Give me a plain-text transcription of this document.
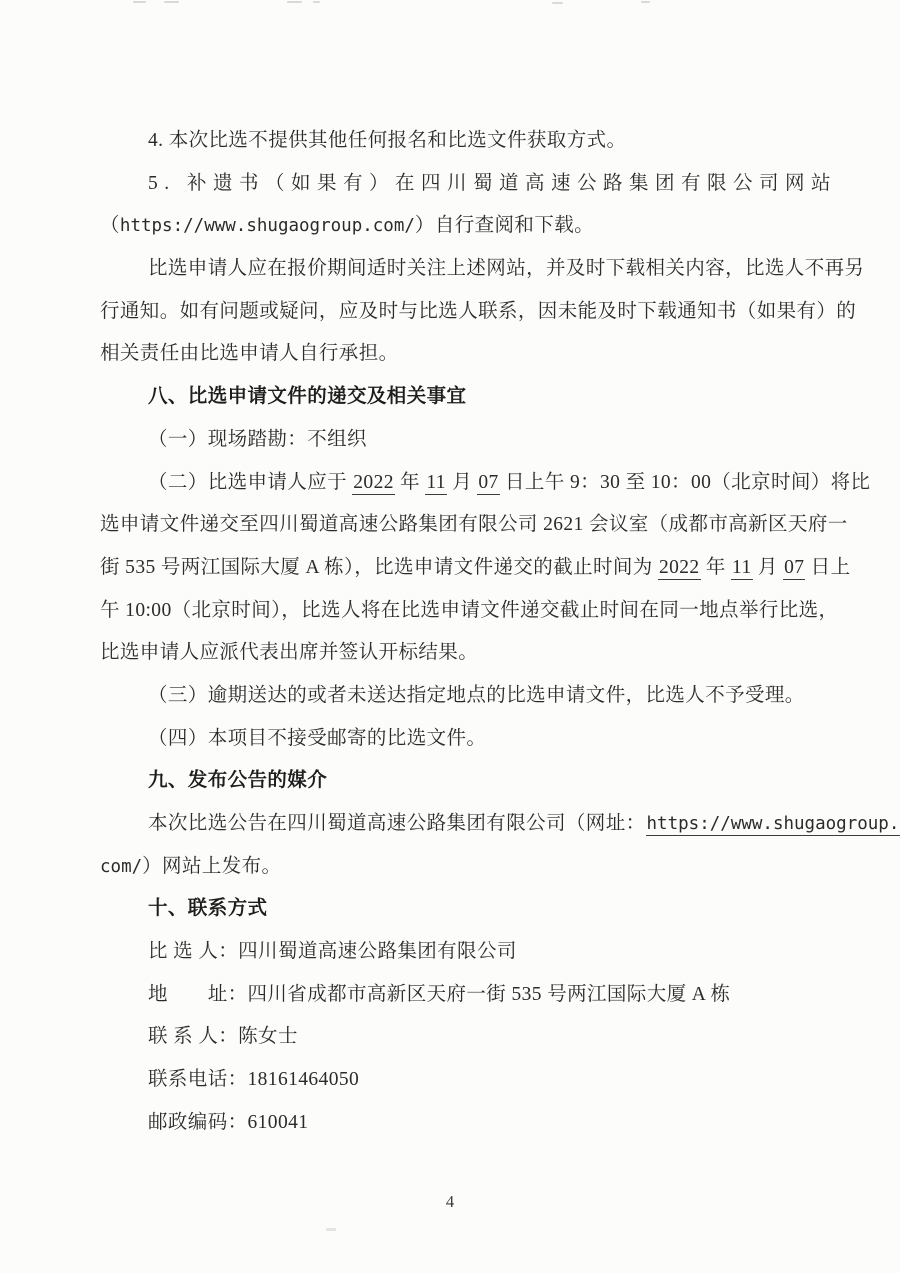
4. 本次比选不提供其他任何报名和比选文件获取方式。
5. 补遗书（如果有）在四川蜀道高速公路集团有限公司网站
（https://www.shugaogroup.com/）自行查阅和下载。
比选申请人应在报价期间适时关注上述网站，并及时下载相关内容，比选人不再另
行通知。如有问题或疑问，应及时与比选人联系，因未能及时下载通知书（如果有）的
相关责任由比选申请人自行承担。
八、比选申请文件的递交及相关事宜
（一）现场踏勘：不组织
（二）比选申请人应于 2022 年 11 月 07 日上午 9：30 至 10：00（北京时间）将比
选申请文件递交至四川蜀道高速公路集团有限公司 2621 会议室（成都市高新区天府一
街 535 号两江国际大厦 A 栋），比选申请文件递交的截止时间为 2022 年 11 月 07 日上
午 10:00（北京时间），比选人将在比选申请文件递交截止时间在同一地点举行比选，
比选申请人应派代表出席并签认开标结果。
（三）逾期送达的或者未送达指定地点的比选申请文件，比选人不予受理。
（四）本项目不接受邮寄的比选文件。
九、发布公告的媒介
本次比选公告在四川蜀道高速公路集团有限公司（网址：https://www.shugaogroup.
com/）网站上发布。
十、联系方式
比 选 人：四川蜀道高速公路集团有限公司
地　　址：四川省成都市高新区天府一街 535 号两江国际大厦 A 栋
联 系 人：陈女士
联系电话：18161464050
邮政编码：610041
4
